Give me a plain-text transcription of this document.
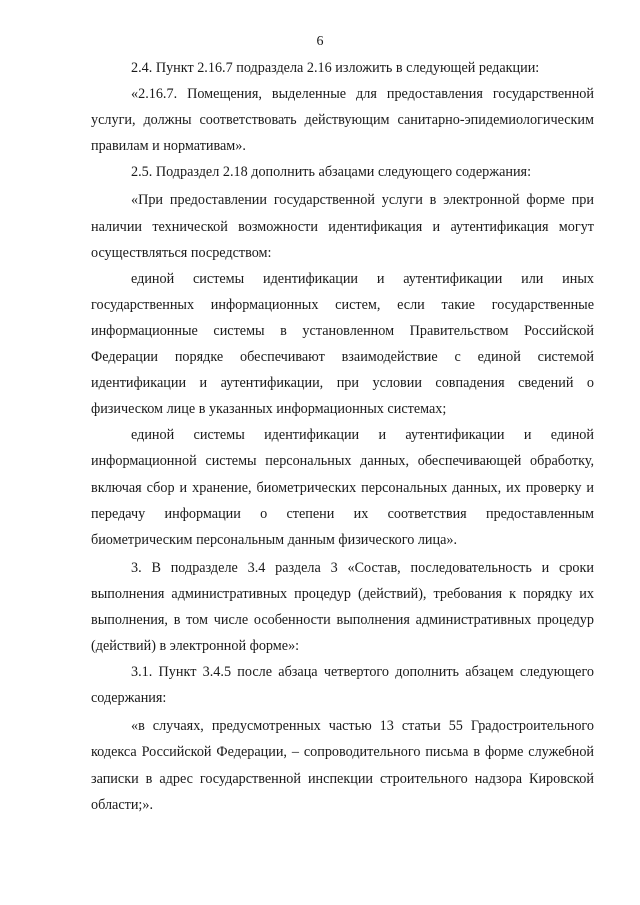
6

2.4. Пункт 2.16.7 подраздела 2.16 изложить в следующей редакции:

«2.16.7. Помещения, выделенные для предоставления государственной услуги, должны соответствовать действующим санитарно-эпидемиологическим правилам и нормативам».

2.5. Подраздел 2.18 дополнить абзацами следующего содержания:

«При предоставлении государственной услуги в электронной форме при наличии технической возможности идентификация и аутентификация могут осуществляться посредством:

единой системы идентификации и аутентификации или иных государственных информационных систем, если такие государственные информационные системы в установленном Правительством Российской Федерации порядке обеспечивают взаимодействие с единой системой идентификации и аутентификации, при условии совпадения сведений о физическом лице в указанных информационных системах;

единой системы идентификации и аутентификации и единой информационной системы персональных данных, обеспечивающей обработку, включая сбор и хранение, биометрических персональных данных, их проверку и передачу информации о степени их соответствия предоставленным биометрическим персональным данным физического лица».

3. В подразделе 3.4 раздела 3 «Состав, последовательность и сроки выполнения административных процедур (действий), требования к порядку их выполнения, в том числе особенности выполнения административных процедур (действий) в электронной форме»:

3.1. Пункт 3.4.5 после абзаца четвертого дополнить абзацем следующего содержания:

«в случаях, предусмотренных частью 13 статьи 55 Градостроительного кодекса Российской Федерации, – сопроводительного письма в форме служебной записки в адрес государственной инспекции строительного надзора Кировской области;».
